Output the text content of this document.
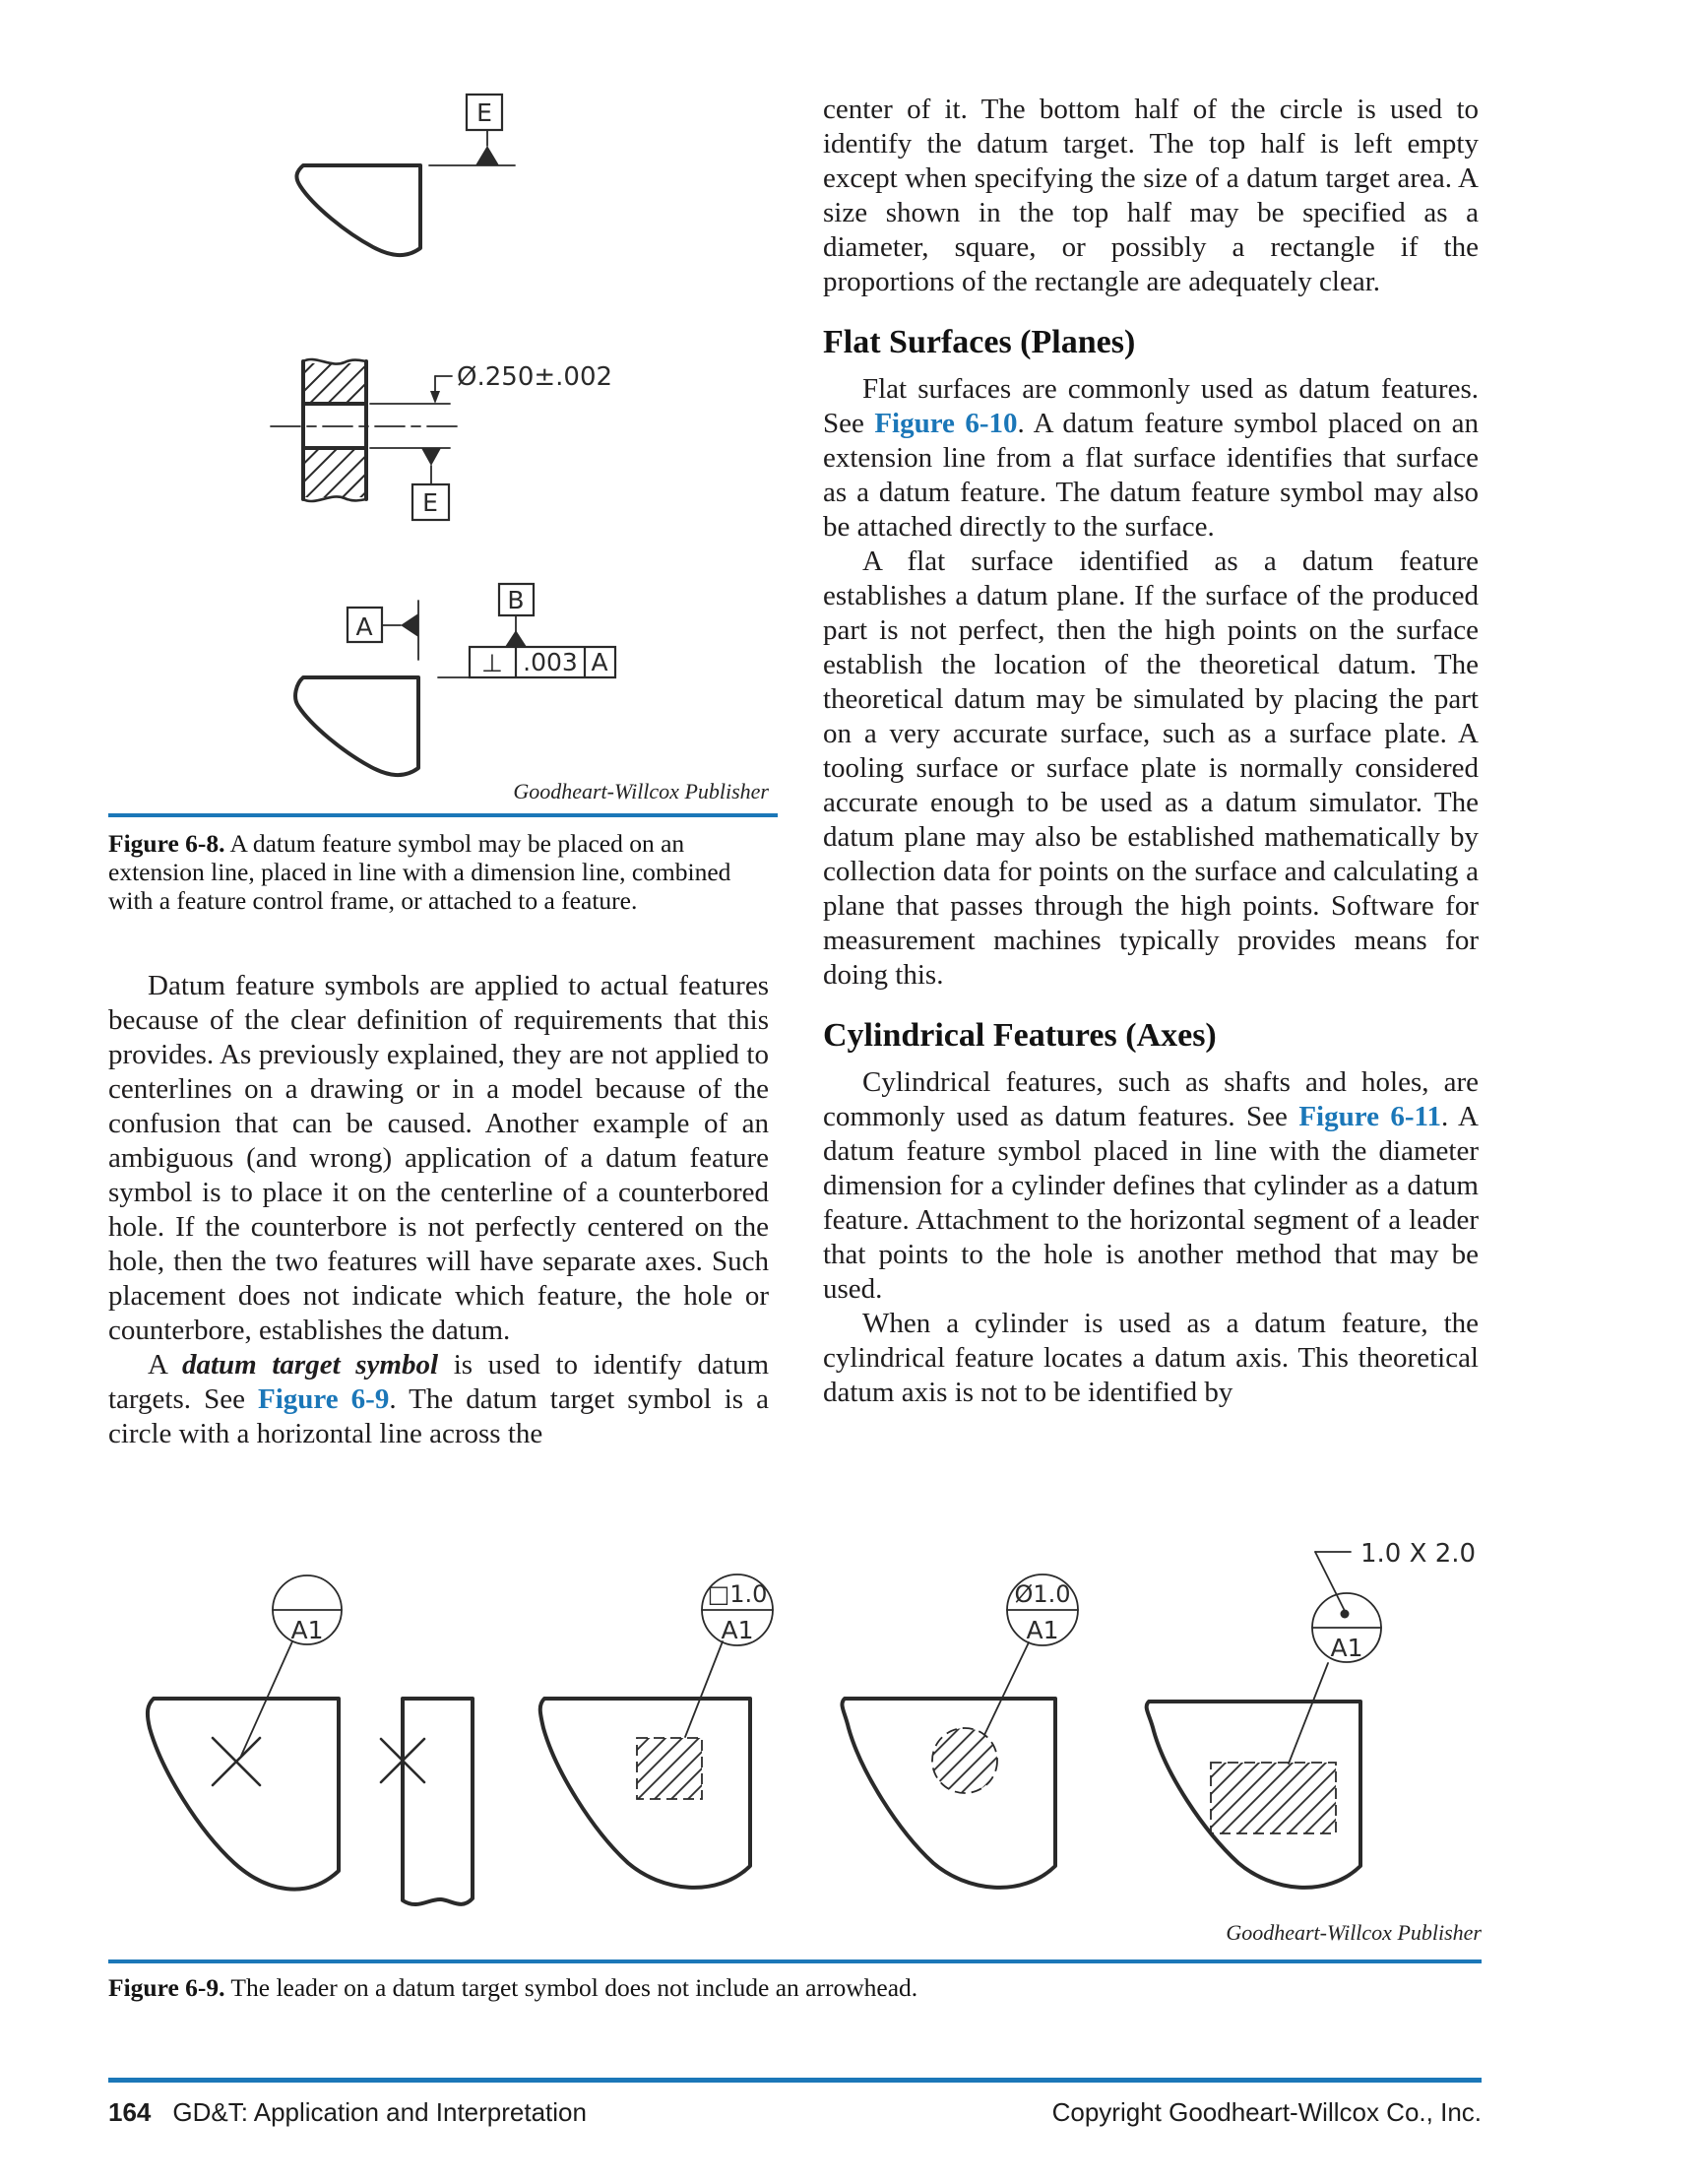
E
Ø.250±.002
E
A
B
⊥ .003 A
Goodheart-Willcox Publisher
Figure 6-8. A datum feature symbol may be placed on an extension line, placed in line with a dimension line, combined with a feature control frame, or attached to a feature.

Datum feature symbols are applied to actual features because of the clear definition of requirements that this provides. As previously explained, they are not applied to centerlines on a drawing or in a model because of the confusion that can be caused. Another example of an ambiguous (and wrong) application of a datum feature symbol is to place it on the centerline of a counterbored hole. If the counterbore is not perfectly centered on the hole, then the two features will have separate axes. Such placement does not indicate which feature, the hole or counterbore, establishes the datum.

A datum target symbol is used to identify datum targets. See Figure 6-9. The datum target symbol is a circle with a horizontal line across the

center of it. The bottom half of the circle is used to identify the datum target. The top half is left empty except when specifying the size of a datum target area. A size shown in the top half may be specified as a diameter, square, or possibly a rectangle if the proportions of the rectangle are adequately clear.

Flat Surfaces (Planes)

Flat surfaces are commonly used as datum features. See Figure 6-10. A datum feature symbol placed on an extension line from a flat surface identifies that surface as a datum feature. The datum feature symbol may also be attached directly to the surface.

A flat surface identified as a datum feature establishes a datum plane. If the surface of the produced part is not perfect, then the high points on the surface establish the location of the theoretical datum. The theoretical datum may be simulated by placing the part on a very accurate surface, such as a surface plate. A tooling surface or surface plate is normally considered accurate enough to be used as a datum simulator. The datum plane may also be established mathematically by collection data for points on the surface and calculating a plane that passes through the high points. Software for measurement machines typically provides means for doing this.

Cylindrical Features (Axes)

Cylindrical features, such as shafts and holes, are commonly used as datum features. See Figure 6-11. A datum feature symbol placed in line with the diameter dimension for a cylinder defines that cylinder as a datum feature. Attachment to the horizontal segment of a leader that points to the hole is another method that may be used.

When a cylinder is used as a datum feature, the cylindrical feature locates a datum axis. This theoretical datum axis is not to be identified by

A1
□1.0
A1
Ø1.0
A1
A1
1.0 X 2.0
Goodheart-Willcox Publisher
Figure 6-9. The leader on a datum target symbol does not include an arrowhead.
164 GD&T: Application and Interpretation	Copyright Goodheart-Willcox Co., Inc.
